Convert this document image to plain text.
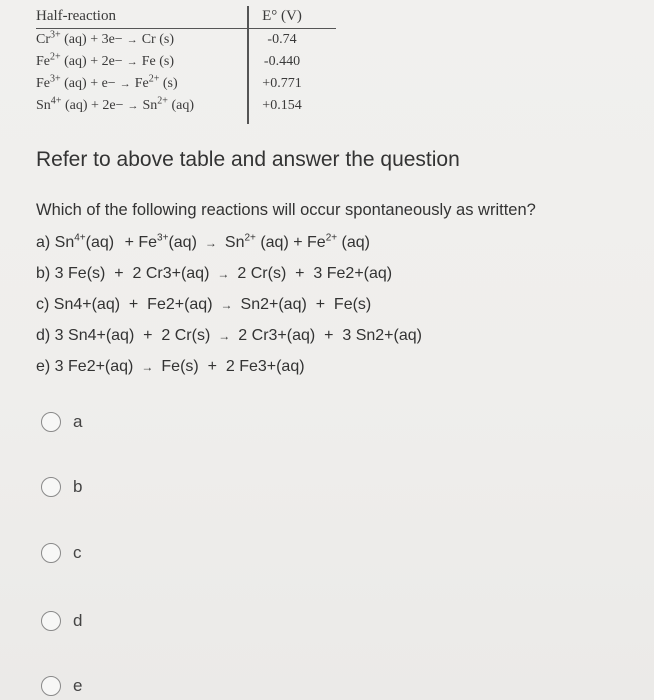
Half-reaction	E° (V)
$Cr^{3+}$ (aq) + 3e− → Cr (s)	-0.74
$Fe^{2+}$ (aq) + 2e− → Fe (s)	-0.440
$Fe^{3+}$ $(aq) + e- \to Fe^{2+}$ (s)	+0.771
$Sn^{4+}$ $(aq) + 2e- \to Sn^{2+}$ (aq)	+0.154
Refer to above table and answer the question
Which of the following reactions will occur spontaneously as written?
a) $Sn^{4+}(aq) + Fe^{3+}(aq) \to Sn^{2+}$ $(aq) + Fe^{2+}$ (aq)
b) 3 Fe(s)  +  2 Cr3+(aq) → 2 Cr(s)  +  3 Fe2+(aq)
c) Sn4+(aq)  +  Fe2+(aq) → Sn2+(aq)  +  Fe(s)
d) 3 Sn4+(aq)  +  2 Cr(s) → 2 Cr3+(aq)  +  3 Sn2+(aq)
e) 3 Fe2+(aq) → Fe(s)  +  2 Fe3+(aq)
a
b
c
d
e
